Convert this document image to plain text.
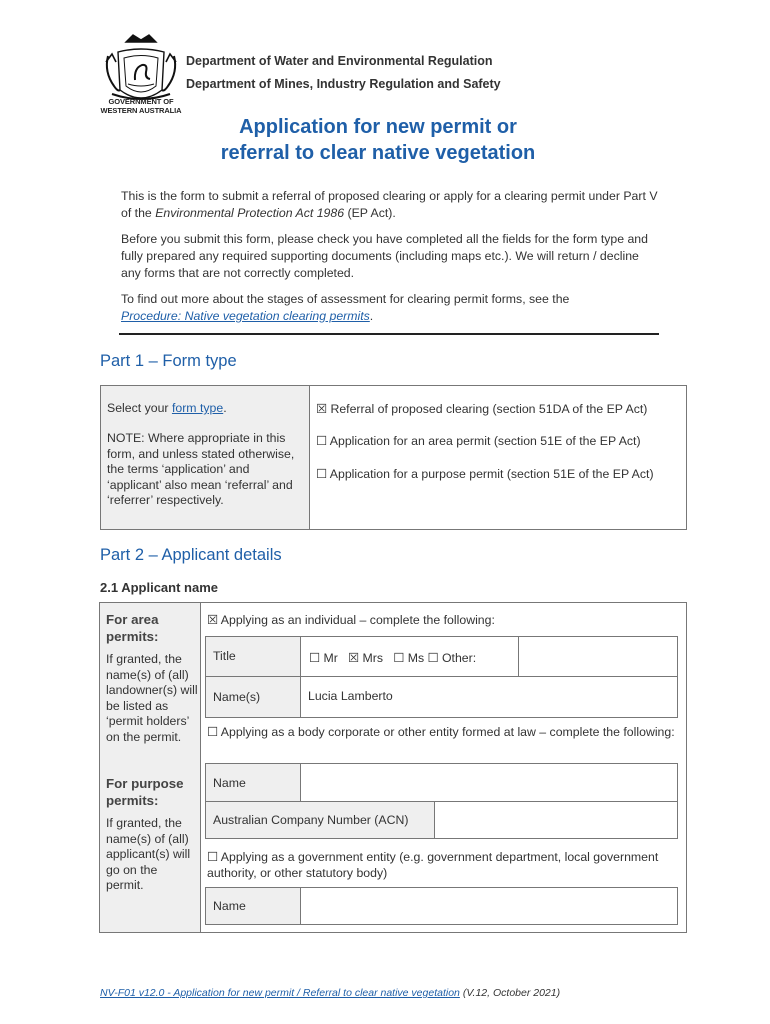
GOVERNMENT OF WESTERN AUSTRALIA
Department of Water and Environmental Regulation
Department of Mines, Industry Regulation and Safety
Application for new permit or
referral to clear native vegetation
This is the form to submit a referral of proposed clearing or apply for a clearing permit under Part V of the Environmental Protection Act 1986 (EP Act).
Before you submit this form, please check you have completed all the fields for the form type and fully prepared any required supporting documents (including maps etc.). We will return / decline any forms that are not correctly completed.
To find out more about the stages of assessment for clearing permit forms, see the
Procedure: Native vegetation clearing permits.
Part 1 – Form type
Select your form type.
NOTE: Where appropriate in this form, and unless stated otherwise, the terms ‘application’ and ‘applicant’ also mean ‘referral’ and ‘referrer’ respectively.
☒ Referral of proposed clearing (section 51DA of the EP Act)
☐ Application for an area permit (section 51E of the EP Act)
☐ Application for a purpose permit (section 51E of the EP Act)
Part 2 – Applicant details
2.1 Applicant name
For area permits:
If granted, the name(s) of (all) landowner(s) will be listed as ‘permit holders’ on the permit.
For purpose permits:
If granted, the name(s) of (all) applicant(s) will go on the permit.
☒ Applying as an individual – complete the following:
Title	☐ Mr ☒ Mrs ☐ Ms ☐ Other:
Name(s)	Lucia Lamberto
☐ Applying as a body corporate or other entity formed at law – complete the following:
Name
Australian Company Number (ACN)
☐ Applying as a government entity (e.g. government department, local government authority, or other statutory body)
Name
NV-F01 v12.0 - Application for new permit / Referral to clear native vegetation (V.12, October 2021)
